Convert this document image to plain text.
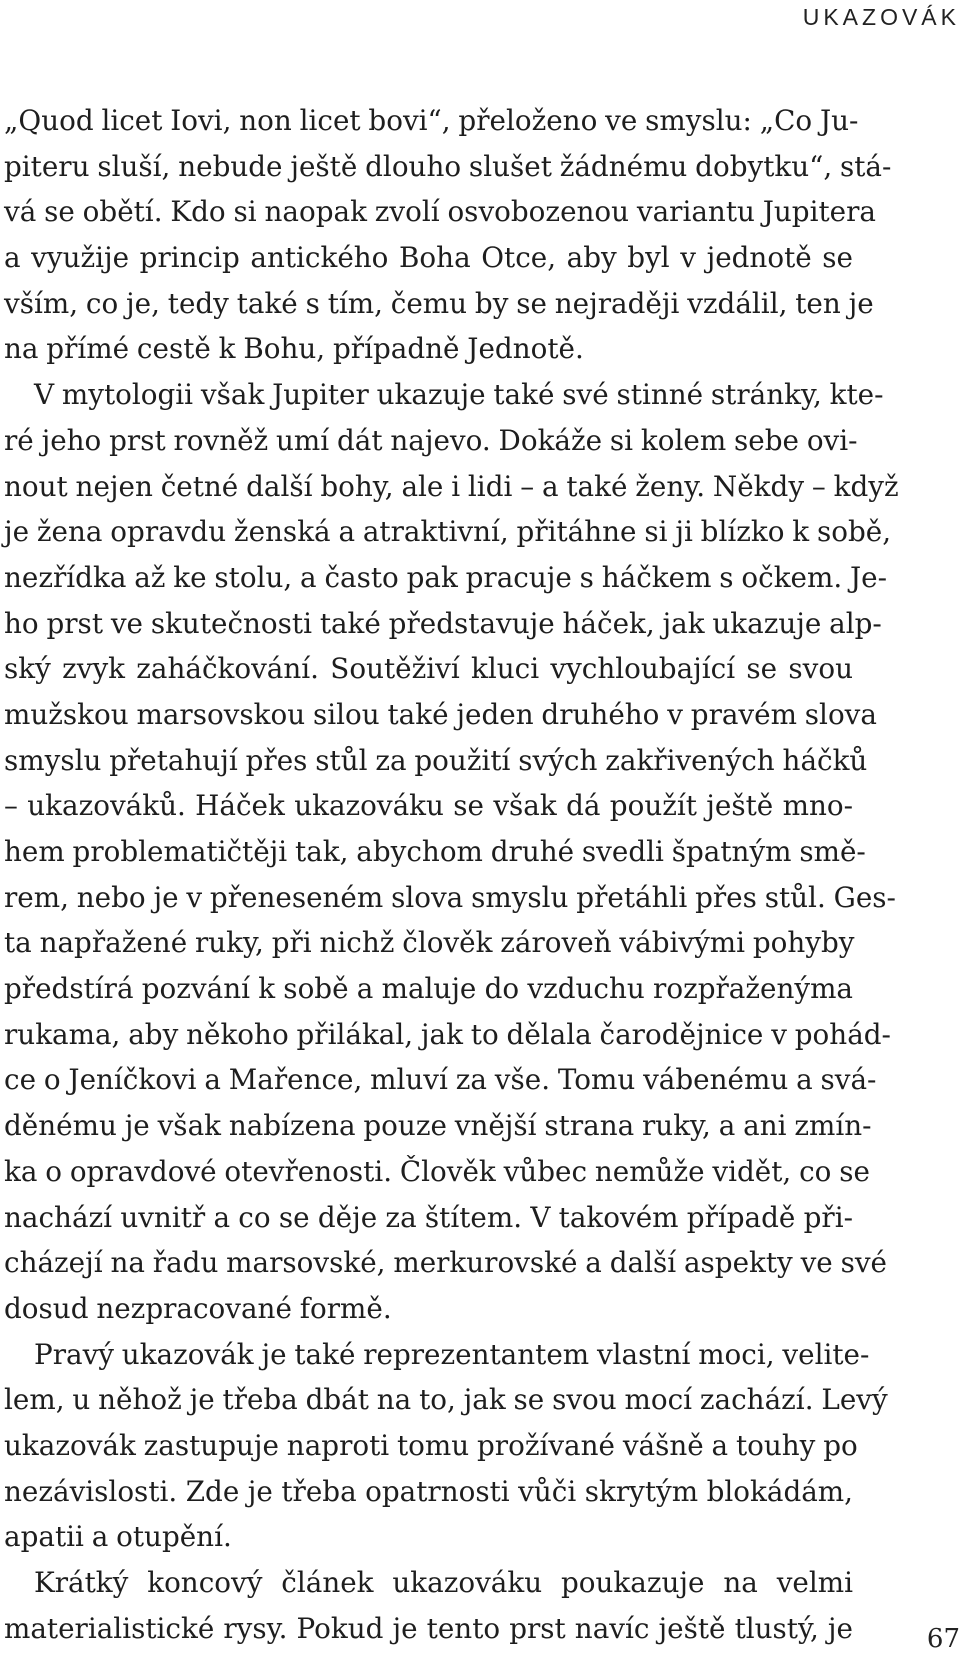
UKAZOVÁK
„Quod licet Iovi, non licet bovi“, přeloženo ve smyslu: „Co Ju-
piteru sluší, nebude ještě dlouho slušet žádnému dobytku“, stá-
vá se obětí. Kdo si naopak zvolí osvobozenou variantu Jupitera
a využije princip antického Boha Otce, aby byl v jednotě se
vším, co je, tedy také s tím, čemu by se nejraději vzdálil, ten je
na přímé cestě k Bohu, případně Jednotě.
V mytologii však Jupiter ukazuje také své stinné stránky, kte-
ré jeho prst rovněž umí dát najevo. Dokáže si kolem sebe ovi-
nout nejen četné další bohy, ale i lidi – a také ženy. Někdy – když
je žena opravdu ženská a atraktivní, přitáhne si ji blízko k sobě,
nezřídka až ke stolu, a často pak pracuje s háčkem s očkem. Je-
ho prst ve skutečnosti také představuje háček, jak ukazuje alp-
ský zvyk zaháčkování. Soutěživí kluci vychloubající se svou
mužskou marsovskou silou také jeden druhého v pravém slova
smyslu přetahují přes stůl za použití svých zakřivených háčků
– ukazováků. Háček ukazováku se však dá použít ještě mno-
hem problematičtěji tak, abychom druhé svedli špatným smě-
rem, nebo je v přeneseném slova smyslu přetáhli přes stůl. Ges-
ta napřažené ruky, při nichž člověk zároveň vábivými pohyby
předstírá pozvání k sobě a maluje do vzduchu rozpřaženýma
rukama, aby někoho přilákal, jak to dělala čarodějnice v pohád-
ce o Jeníčkovi a Mařence, mluví za vše. Tomu vábenému a svá-
děnému je však nabízena pouze vnější strana ruky, a ani zmín-
ka o opravdové otevřenosti. Člověk vůbec nemůže vidět, co se
nachází uvnitř a co se děje za štítem. V takovém případě při-
cházejí na řadu marsovské, merkurovské a další aspekty ve své
dosud nezpracované formě.
Pravý ukazovák je také reprezentantem vlastní moci, velite-
lem, u něhož je třeba dbát na to, jak se svou mocí zachází. Levý
ukazovák zastupuje naproti tomu prožívané vášně a touhy po
nezávislosti. Zde je třeba opatrnosti vůči skrytým blokádám,
apatii a otupění.
Krátký koncový článek ukazováku poukazuje na velmi
materialistické rysy. Pokud je tento prst navíc ještě tlustý, je	67
